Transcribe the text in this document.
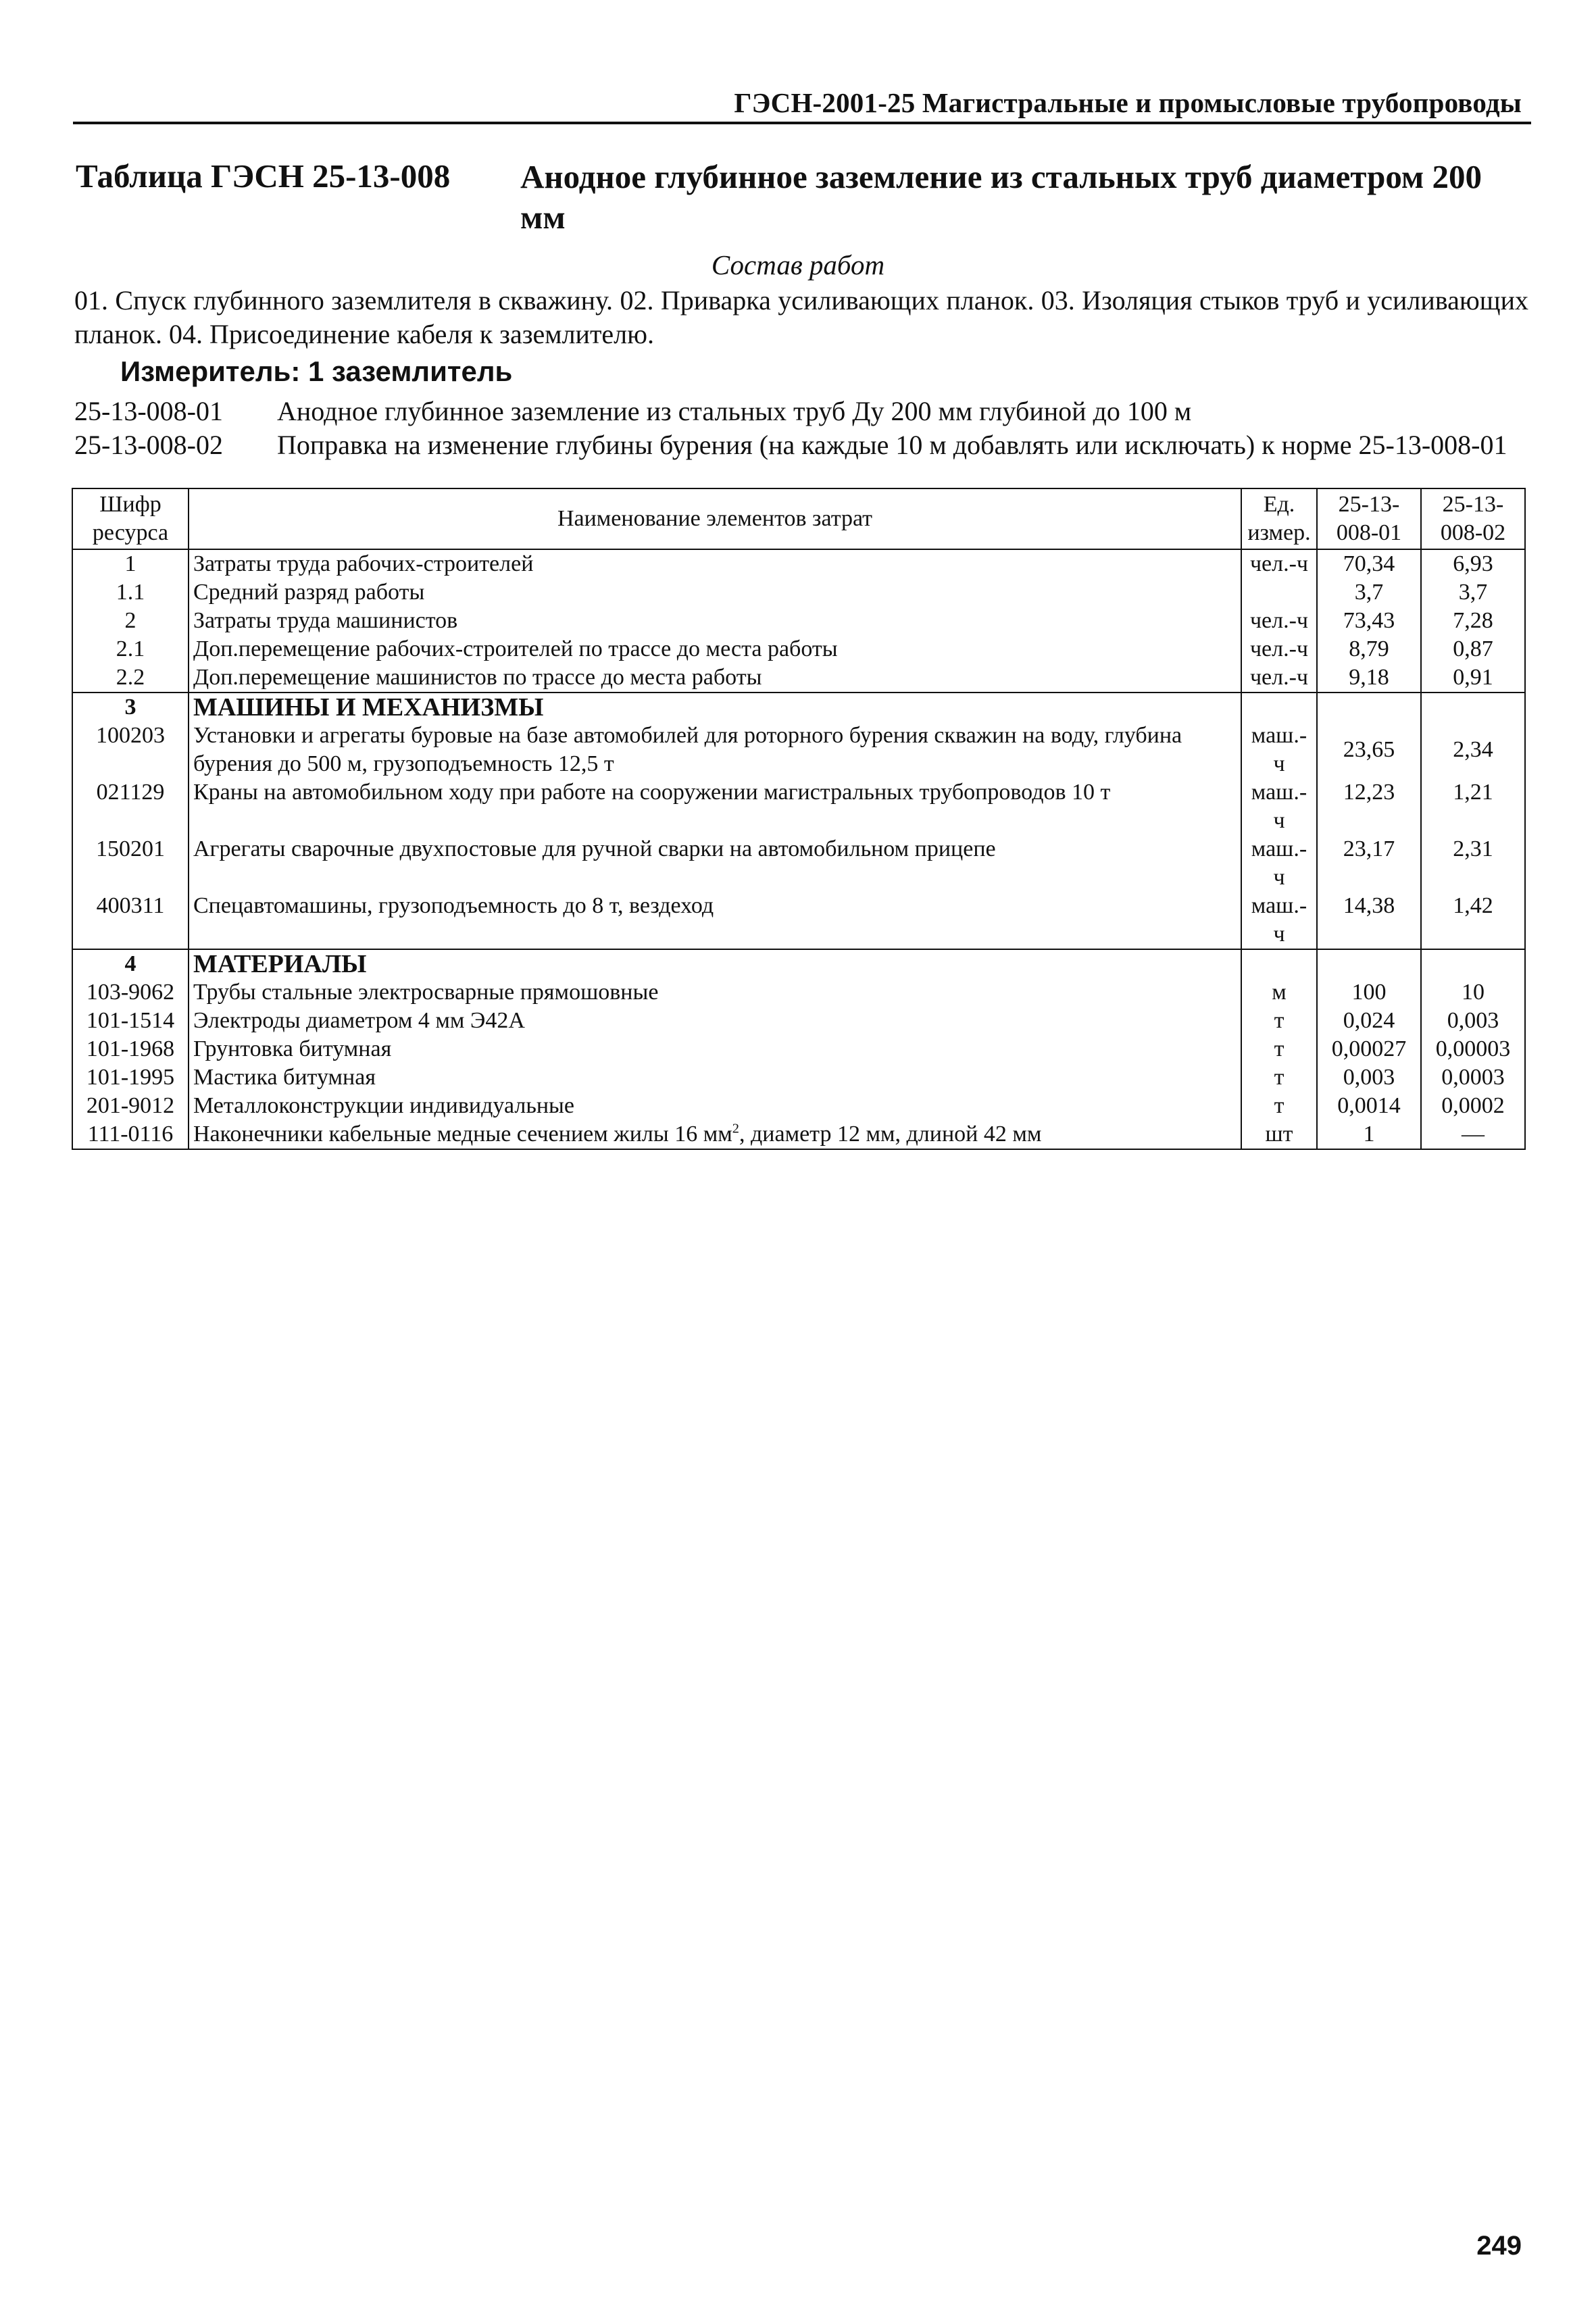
ГЭСН-2001-25 Магистральные и промысловые трубопроводы
Таблица ГЭСН 25-13-008 Анодное глубинное заземление из стальных труб диаметром 200 мм
Состав работ
01. Спуск глубинного заземлителя в скважину. 02. Приварка усиливающих планок. 03. Изоляция стыков труб и усиливающих планок. 04. Присоединение кабеля к заземлителю.
Измеритель: 1 заземлитель
25-13-008-01 Анодное глубинное заземление из стальных труб Ду 200 мм глубиной до 100 м
25-13-008-02 Поправка на изменение глубины бурения (на каждые 10 м добавлять или исключать) к норме 25-13-008-01
Шифр ресурса	Наименование элементов затрат	Ед. измер.	25-13-008-01	25-13-008-02
1	Затраты труда рабочих-строителей	чел.-ч	70,34	6,93
1.1	Средний разряд работы		3,7	3,7
2	Затраты труда машинистов	чел.-ч	73,43	7,28
2.1	Доп.перемещение рабочих-строителей по трассе до места работы	чел.-ч	8,79	0,87
2.2	Доп.перемещение машинистов по трассе до места работы	чел.-ч	9,18	0,91
3	МАШИНЫ И МЕХАНИЗМЫ			
100203	Установки и агрегаты буровые на базе автомобилей для роторного бурения скважин на воду, глубина бурения до 500 м, грузоподъемность 12,5 т	маш.-ч	23,65	2,34
021129	Краны на автомобильном ходу при работе на сооружении магистральных трубопроводов 10 т	маш.-ч	12,23	1,21
150201	Агрегаты сварочные двухпостовые для ручной сварки на автомобильном прицепе	маш.-ч	23,17	2,31
400311	Спецавтомашины, грузоподъемность до 8 т, вездеход	маш.-ч	14,38	1,42
4	МАТЕРИАЛЫ			
103-9062	Трубы стальные электросварные прямошовные	м	100	10
101-1514	Электроды диаметром 4 мм Э42А	т	0,024	0,003
101-1968	Грунтовка битумная	т	0,00027	0,00003
101-1995	Мастика битумная	т	0,003	0,0003
201-9012	Металлоконструкции индивидуальные	т	0,0014	0,0002
111-0116	Наконечники кабельные медные сечением жилы 16 $мм^2$, диаметр 12 мм, длиной 42 мм	шт	1	—
249
